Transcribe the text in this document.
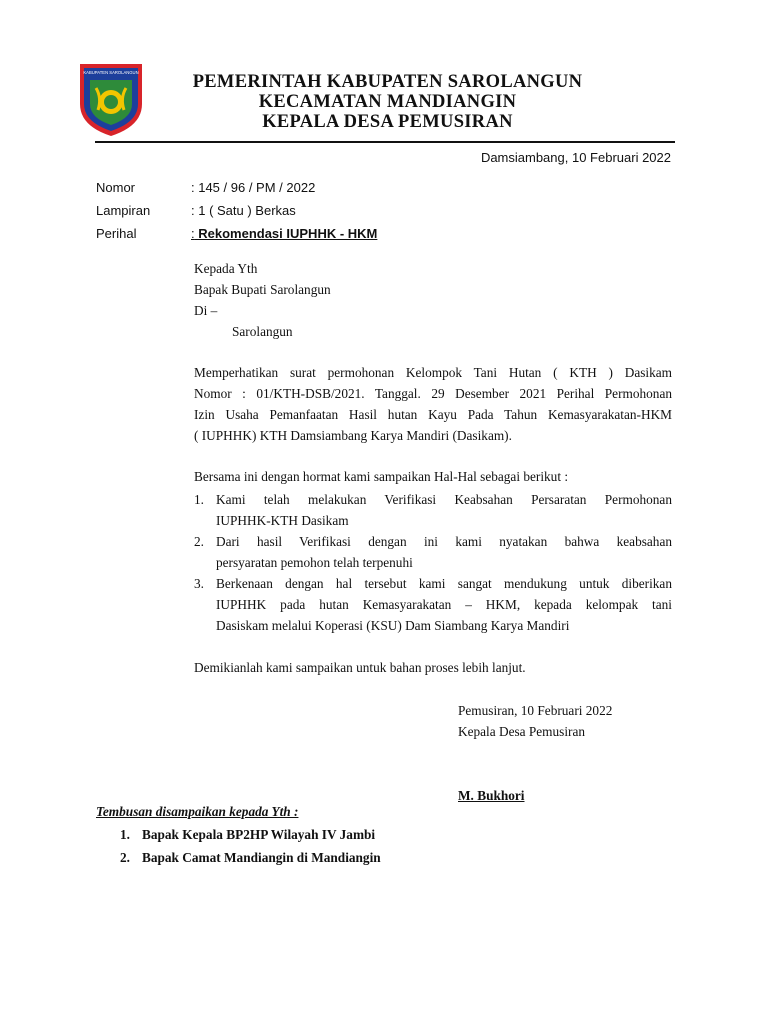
KABUPATEN SAROLANGUN	PEMERINTAH KABUPATEN SAROLANGUN
KECAMATAN MANDIANGIN
KEPALA DESA PEMUSIRAN
Damsiambang, 10 Februari 2022
Nomor	: 145 / 96 / PM / 2022
Lampiran	: 1 ( Satu ) Berkas
Perihal	: Rekomendasi IUPHHK - HKM
Kepada Yth
Bapak Bupati Sarolangun
Di –
Sarolangun
Memperhatikan surat permohonan Kelompok Tani Hutan ( KTH ) Dasikam
Nomor : 01/KTH-DSB/2021. Tanggal. 29 Desember 2021 Perihal Permohonan
Izin Usaha Pemanfaatan Hasil hutan Kayu Pada Tahun Kemasyarakatan-HKM
( IUPHHK) KTH Damsiambang Karya Mandiri (Dasikam).
Bersama ini dengan hormat kami sampaikan Hal-Hal sebagai berikut :
1. Kami telah melakukan Verifikasi Keabsahan Persaratan Permohonan
IUPHHK-KTH Dasikam
2. Dari hasil Verifikasi dengan ini kami nyatakan bahwa keabsahan
persyaratan pemohon telah terpenuhi
3. Berkenaan dengan hal tersebut kami sangat mendukung untuk diberikan
IUPHHK pada hutan Kemasyarakatan – HKM, kepada kelompak tani
Dasiskam melalui Koperasi (KSU) Dam Siambang Karya Mandiri
Demikianlah kami sampaikan untuk bahan proses lebih lanjut.
Pemusiran, 10 Februari 2022
Kepala Desa Pemusiran
M. Bukhori
Tembusan disampaikan kepada Yth :
1. Bapak Kepala BP2HP Wilayah IV Jambi
2. Bapak Camat Mandiangin di Mandiangin
